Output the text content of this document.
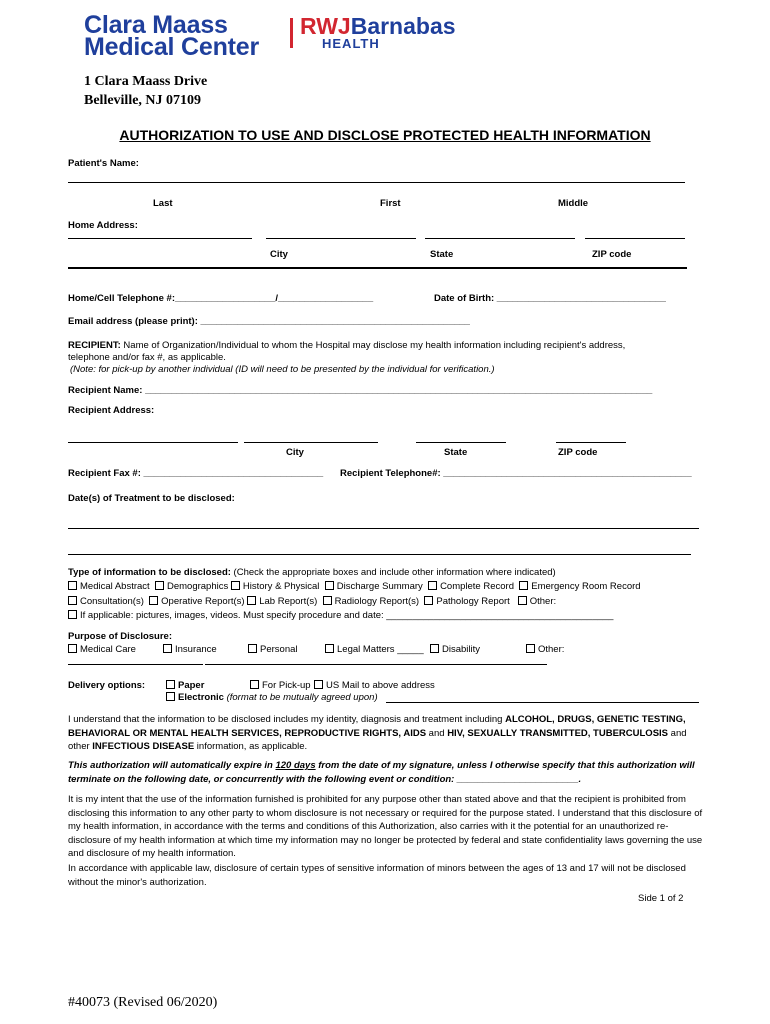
Clara Maass
Medical Center
RWJBarnabas
HEALTH
1 Clara Maass Drive
Belleville, NJ 07109
AUTHORIZATION TO USE AND DISCLOSE PROTECTED HEALTH INFORMATION
Patient's Name:
Last	First	Middle
Home Address:
City	State	ZIP code
Home/Cell Telephone #:___________________/__________________	Date of Birth: ________________________________
Email address (please print): ___________________________________________________
RECIPIENT: Name of Organization/Individual to whom the Hospital may disclose my health information including recipient's address,
telephone and/or fax #, as applicable.
(Note: for pick-up by another individual (ID will need to be presented by the individual for verification.)
Recipient Name: ________________________________________________________________________________________________
Recipient Address:
City	State	ZIP code
Recipient Fax #: __________________________________ Recipient Telephone#: _______________________________________________
Date(s) of Treatment to be disclosed:
Type of information to be disclosed: (Check the appropriate boxes and include other information where indicated)
Medical Abstract Demographics History & Physical Discharge Summary Complete Record Emergency Room Record
Consultation(s) Operative Report(s) Lab Report(s) Radiology Report(s) Pathology Report Other:
If applicable: pictures, images, videos. Must specify procedure and date: ___________________________________________
Purpose of Disclosure:
Medical Care	Insurance	Personal	Legal Matters _____	Disability	Other:
Delivery options:	Paper	For Pick-up	US Mail to above address
Electronic (format to be mutually agreed upon)
I understand that the information to be disclosed includes my identity, diagnosis and treatment including ALCOHOL, DRUGS, GENETIC TESTING, BEHAVIORAL OR MENTAL HEALTH SERVICES, REPRODUCTIVE RIGHTS, AIDS and HIV, SEXUALLY TRANSMITTED, TUBERCULOSIS and other INFECTIOUS DISEASE information, as applicable.
This authorization will automatically expire in 120 days from the date of my signature, unless I otherwise specify that this authorization will terminate on the following date, or concurrently with the following event or condition: _______________________.
It is my intent that the use of the information furnished is prohibited for any purpose other than stated above and that the recipient is prohibited from disclosing this information to any other party to whom disclosure is not necessary or required for the purpose stated. I understand that this disclosure of my health information, in accordance with the terms and conditions of this Authorization, also carries with it the potential for an unauthorized re-disclosure of my health information at which time my information may no longer be protected by federal and state confidentiality laws governing the use and disclosure of my health information.
In accordance with applicable law, disclosure of certain types of sensitive information of minors between the ages of 13 and 17 will not be disclosed without the minor's authorization.
Side 1 of 2
#40073 (Revised 06/2020)
